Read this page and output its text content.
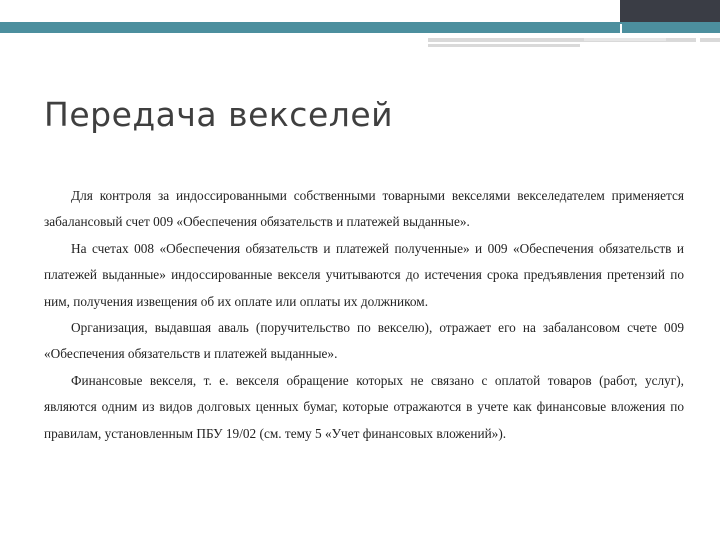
Передача векселей

Для контроля за индоссированными собственными товарными векселями векселедателем применяется забалансовый счет 009 «Обеспечения обязательств и платежей выданные».

На счетах 008 «Обеспечения обязательств и платежей полученные» и 009 «Обеспечения обязательств и платежей выданные» индоссированные векселя учитываются до истечения срока предъявления претензий по ним, получения извещения об их оплате или оплаты их должником.

Организация, выдавшая аваль (поручительство по векселю), отражает его на забалансовом счете 009 «Обеспечения обязательств и платежей выданные».

Финансовые векселя, т. е. векселя обращение которых не связано с оплатой товаров (работ, услуг), являются одним из видов долговых ценных бумаг, которые отражаются в учете как финансовые вложения по правилам, установленным ПБУ 19/02 (см. тему 5 «Учет финансовых вложений»).
